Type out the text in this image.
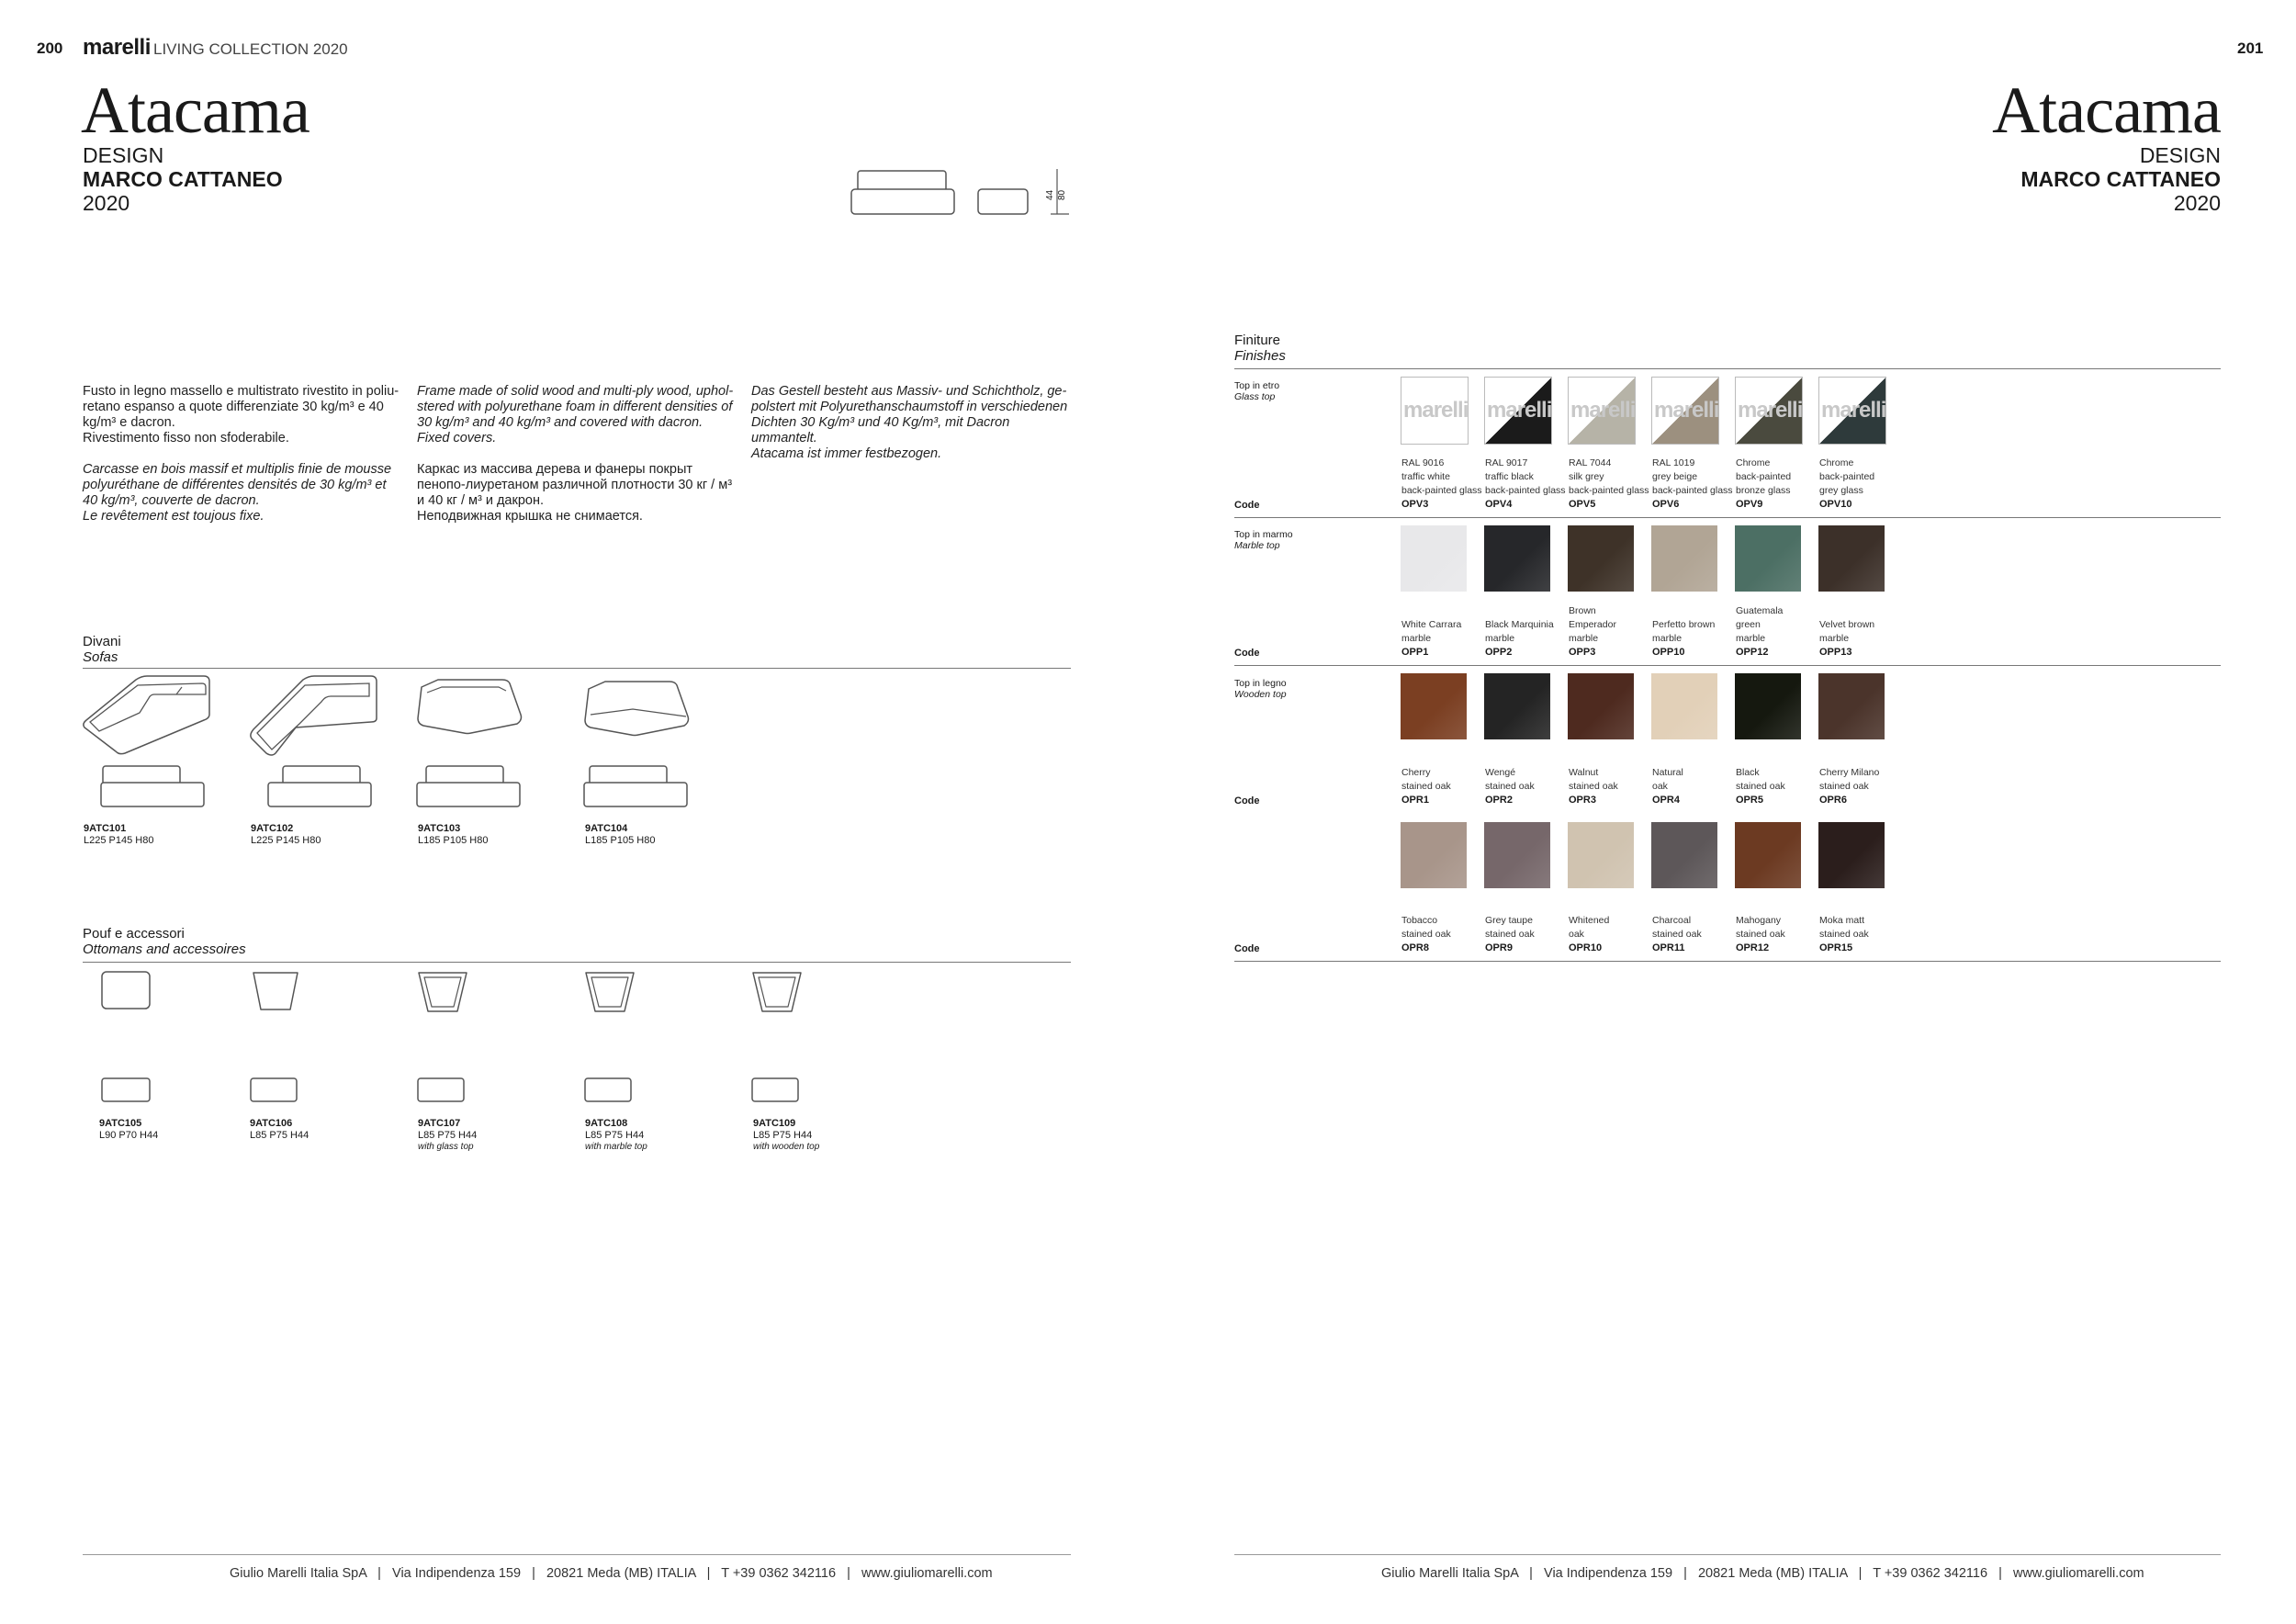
200 marelli LIVING COLLECTION 2020
Atacama
DESIGN
MARCO CATTANEO
2020	44 80

Fusto in legno massello e multistrato rivestito in poliu-retano espanso a quote differenziate 30 kg/m³ e 40 kg/m³ e dacron.
Rivestimento fisso non sfoderabile.

Carcasse en bois massif et multiplis finie de mousse polyuréthane de différentes densités de 30 kg/m³ et 40 kg/m³, couverte de dacron.
Le revêtement est toujous fixe.

Frame made of solid wood and multi-ply wood, uphol-stered with polyurethane foam in different densities of 30 kg/m³ and 40 kg/m³ and covered with dacron.
Fixed covers.

Каркас из массива дерева и фанеры покрыт пенопо-лиуретаном различной плотности 30 кг / м³ и 40 кг / м³ и дакрон.
Неподвижная крышка не снимается.

Das Gestell besteht aus Massiv- und Schichtholz, ge-polstert mit Polyurethanschaumstoff in verschiedenen Dichten 30 Kg/m³ und 40 Kg/m³, mit Dacron ummantelt.
Atacama ist immer festbezogen.

Divani
Sofas
9ATC101
L225 P145 H80
9ATC102
L225 P145 H80
9ATC103
L185 P105 H80
9ATC104
L185 P105 H80
Pouf e accessori
Ottomans and accessoires
9ATC105
L90 P70 H44
9ATC106
L85 P75 H44
9ATC107
L85 P75 H44
with glass top
9ATC108
L85 P75 H44
with marble top
9ATC109
L85 P75 H44
with wooden top
Giulio Marelli Italia SpA   |   Via Indipendenza 159   |   20821 Meda (MB) ITALIA   |   T +39 0362 342116   |   www.giuliomarelli.com
201
Atacama
DESIGN
MARCO CATTANEO
2020
Finiture
Finishes
Top in etro
Glass top
marelli
RAL 9016
traffic white
back-painted glass
OPV3
marelli
RAL 9017
traffic black
back-painted glass
OPV4
marelli
RAL 7044
silk grey
back-painted glass
OPV5
marelli
RAL 1019
grey beige
back-painted glass
OPV6
marelli
Chrome
back-painted
bronze glass
OPV9
marelli
Chrome
back-painted
grey glass
OPV10
Code
Top in marmo
Marble top
White Carrara
marble
OPP1
Black Marquinia
marble
OPP2
Brown
Emperador
marble
OPP3
Perfetto brown
marble
OPP10
Guatemala
green
marble
OPP12
Velvet brown
marble
OPP13
Code
Top in legno
Wooden top
Cherry
stained oak
OPR1
Wengé
stained oak
OPR2
Walnut
stained oak
OPR3
Natural
oak
OPR4
Black
stained oak
OPR5
Cherry Milano
stained oak
OPR6
Code
Tobacco
stained oak
OPR8
Grey taupe
stained oak
OPR9
Whitened
oak
OPR10
Charcoal
stained oak
OPR11
Mahogany
stained oak
OPR12
Moka matt
stained oak
OPR15
Code
Giulio Marelli Italia SpA   |   Via Indipendenza 159   |   20821 Meda (MB) ITALIA   |   T +39 0362 342116   |   www.giuliomarelli.com
